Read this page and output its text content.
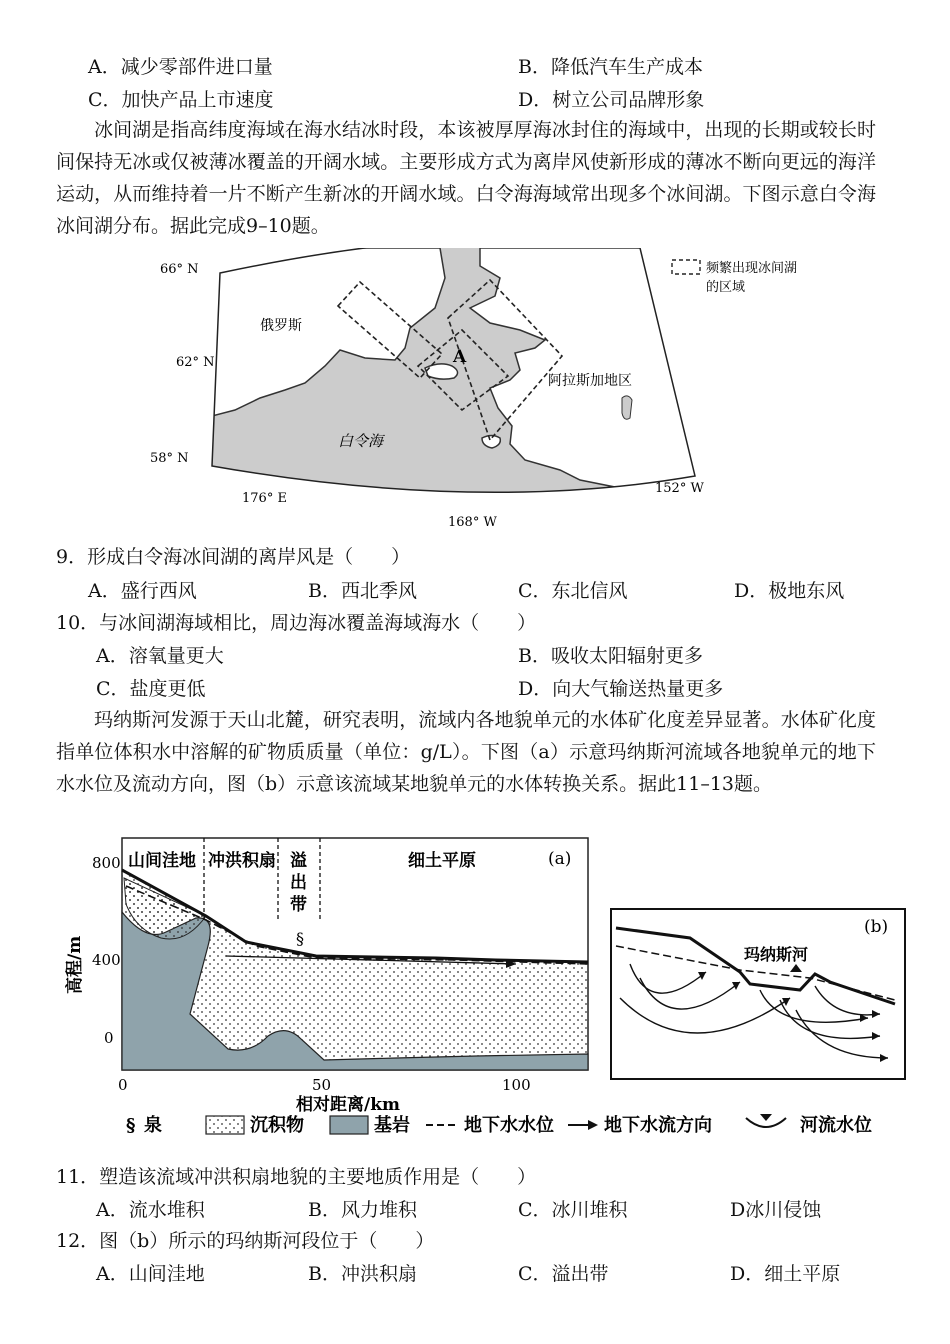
A．减少零部件进口量	B．降低汽车生产成本
C．加快产品上市速度	D．树立公司品牌形象
冰间湖是指高纬度海域在海水结冰时段，本该被厚厚海冰封住的海域中，出现的长期或较长时间保持无冰或仅被薄冰覆盖的开阔水域。主要形成方式为离岸风使新形成的薄冰不断向更远的海洋运动，从而维持着一片不断产生新冰的开阔水域。白令海海域常出现多个冰间湖。下图示意白令海冰间湖分布。据此完成9–10题。
66° N
62° N
58° N
176° E
168° W
152° W
俄罗斯
阿拉斯加地区
白令海
A
频繁出现冰间湖
的区域
9．形成白令海冰间湖的离岸风是（　　）
A．盛行西风	B．西北季风	C．东北信风	D．极地东风
10．与冰间湖海域相比，周边海冰覆盖海域海水（　　）
A．溶氧量更大	B．吸收太阳辐射更多
C．盐度更低	D．向大气输送热量更多
玛纳斯河发源于天山北麓，研究表明，流域内各地貌单元的水体矿化度差异显著。水体矿化度指单位体积水中溶解的矿物质质量（单位：g/L）。下图（a）示意玛纳斯河流域各地貌单元的地下水水位及流动方向，图（b）示意该流域某地貌单元的水体转换关系。据此11–13题。
§
山间洼地 冲洪积扇 溢
出
带
细土平原	(a)
800
400
0
高程/m
0	50	100
相对距离/km
(b)
玛纳斯河
§ 泉	沉积物	基岩	地下水水位	地下水流方向	河流水位
11．塑造该流域冲洪积扇地貌的主要地质作用是（　　）
A．流水堆积	B．风力堆积	C．冰川堆积	D冰川侵蚀
12．图（b）所示的玛纳斯河段位于（　　）
A．山间洼地	B．冲洪积扇	C．溢出带	D．细土平原
